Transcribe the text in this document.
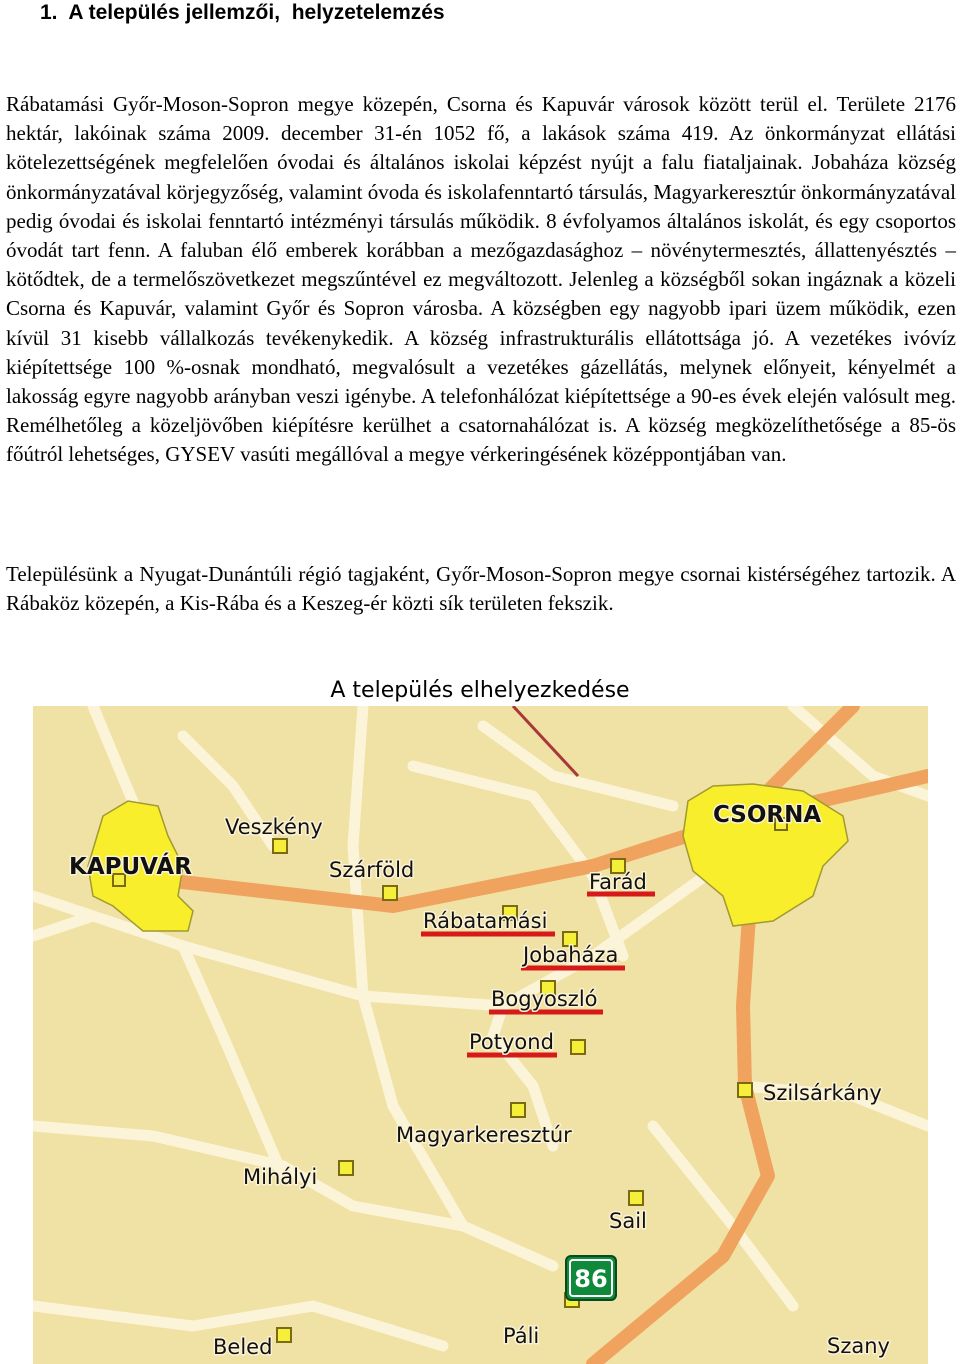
1.  A település jellemzői,  helyzetelemzés
Rábatamási Győr-Moson-Sopron megye közepén, Csorna és Kapuvár városok között terül el. Területe 2176 hektár, lakóinak száma 2009. december 31-én 1052 fő, a lakások száma 419. Az önkormányzat ellátási kötelezettségének megfelelően óvodai és általános iskolai képzést nyújt a falu fiataljainak. Jobaháza község önkormányzatával körjegyzőség, valamint óvoda és iskolafenntartó társulás, Magyarkeresztúr önkormányzatával pedig óvodai és iskolai fenntartó intézményi társulás működik. 8 évfolyamos általános iskolát, és egy csoportos óvodát tart fenn. A faluban élő emberek korábban a mezőgazdasághoz – növénytermesztés, állattenyésztés – kötődtek, de a termelőszövetkezet megszűntével ez megváltozott. Jelenleg a községből sokan ingáznak a közeli Csorna és Kapuvár, valamint Győr és Sopron városba. A községben egy nagyobb ipari üzem működik, ezen kívül 31 kisebb vállalkozás tevékenykedik. A község infrastrukturális ellátottsága jó. A vezetékes ivóvíz kiépítettsége 100 %-osnak mondható, megvalósult a vezetékes gázellátás, melynek előnyeit, kényelmét a lakosság egyre nagyobb arányban veszi igénybe. A telefonhálózat kiépítettsége a 90-es évek elején valósult meg. Remélhetőleg a közeljövőben kiépítésre kerülhet a csatornahálózat is. A község megközelíthetősége a 85-ös főútról lehetséges, GYSEV vasúti megállóval a megye vérkeringésének középpontjában van.
Településünk a Nyugat-Dunántúli régió tagjaként, Győr-Moson-Sopron megye csornai kistérségéhez tartozik. A Rábaköz közepén, a Kis-Rába és a Keszeg-ér közti sík területen fekszik.
A település elhelyezkedése
KAPUVÁR
CSORNA
Veszkény
Szárföld	Farád
Rábatamási
Jobaháza
Bogyoszló
Potyond
Szilsárkány
Magyarkeresztúr
Mihályi
Sail
Beled	Páli	Szany
86
